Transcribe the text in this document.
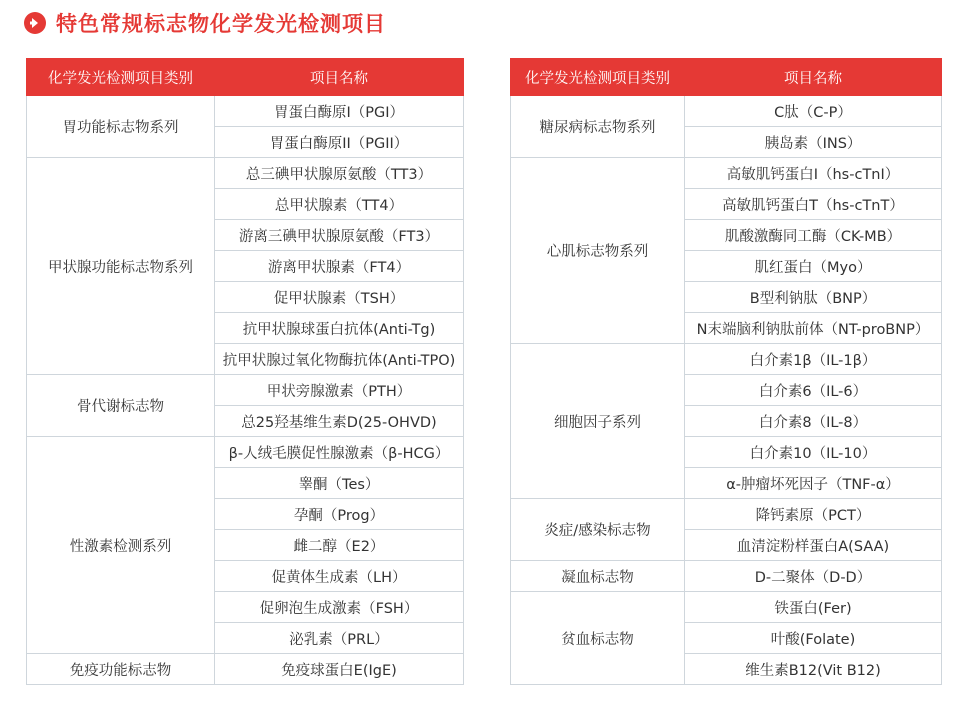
特色常规标志物化学发光检测项目
化学发光检测项目类别	项目名称
胃功能标志物系列	胃蛋白酶原I（PGI）
	胃蛋白酶原II（PGII）
甲状腺功能标志物系列	总三碘甲状腺原氨酸（TT3）
	总甲状腺素（TT4）
	游离三碘甲状腺原氨酸（FT3）
	游离甲状腺素（FT4）
	促甲状腺素（TSH）
	抗甲状腺球蛋白抗体(Anti-Tg)
	抗甲状腺过氧化物酶抗体(Anti-TPO)
骨代谢标志物	甲状旁腺激素（PTH）
	总25羟基维生素D(25-OHVD)
性激素检测系列	β-人绒毛膜促性腺激素（β-HCG）
	睾酮（Tes）
	孕酮（Prog）
	雌二醇（E2）
	促黄体生成素（LH）
	促卵泡生成激素（FSH）
	泌乳素（PRL）
免疫功能标志物	免疫球蛋白E(IgE)
化学发光检测项目类别	项目名称
糖尿病标志物系列	C肽（C-P）
	胰岛素（INS）
心肌标志物系列	高敏肌钙蛋白I（hs-cTnI）
	高敏肌钙蛋白T（hs-cTnT）
	肌酸激酶同工酶（CK-MB）
	肌红蛋白（Myo）
	B型利钠肽（BNP）
	N末端脑利钠肽前体（NT-proBNP）
细胞因子系列	白介素1β（IL-1β）
	白介素6（IL-6）
	白介素8（IL-8）
	白介素10（IL-10）
	α-肿瘤坏死因子（TNF-α）
炎症/感染标志物	降钙素原（PCT）
	血清淀粉样蛋白A(SAA)
凝血标志物	D-二聚体（D-D）
贫血标志物	铁蛋白(Fer)
	叶酸(Folate)
	维生素B12(Vit B12)
